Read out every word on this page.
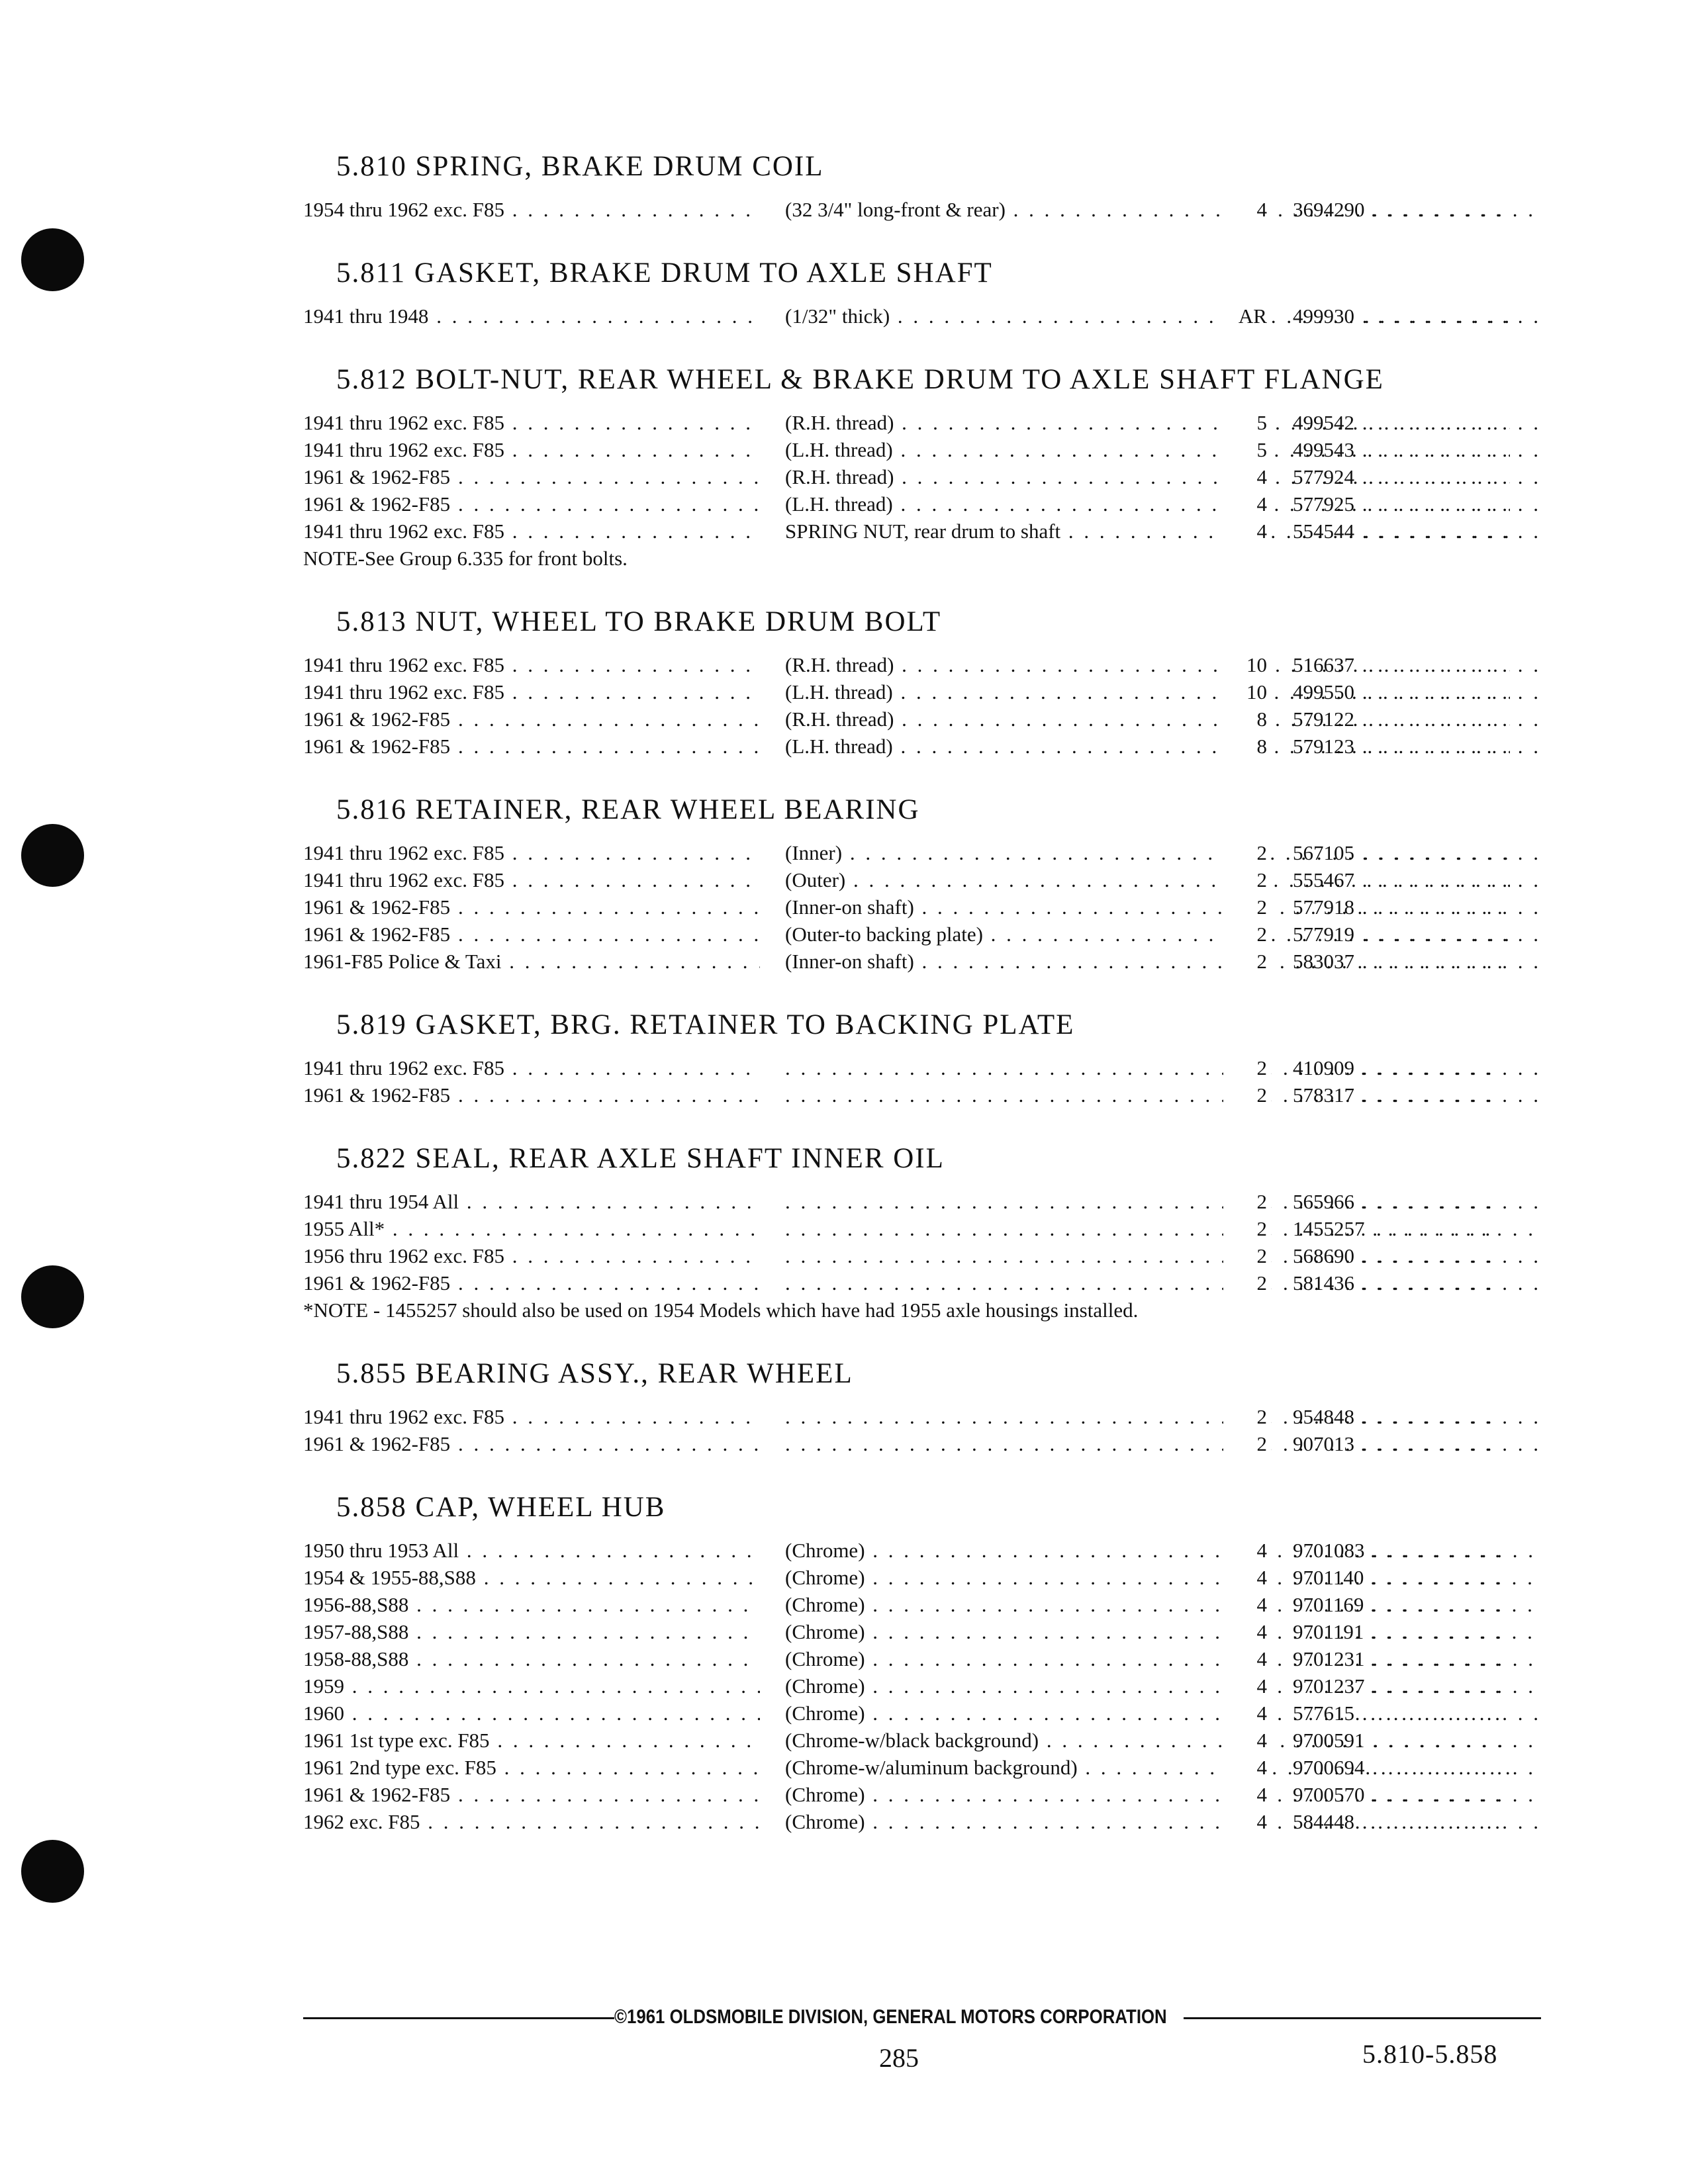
5.810 SPRING, BRAKE DRUM COIL
1954 thru 1962 exc. F85 . . .	(32 3/4" long-front & rear) . . .	4 3694290 . . .
5.811 GASKET, BRAKE DRUM TO AXLE SHAFT
1941 thru 1948 . . .	(1/32" thick) . . .	AR 499930 . . .
5.812 BOLT-NUT, REAR WHEEL & BRAKE DRUM TO AXLE SHAFT FLANGE
1941 thru 1962 exc. F85 . . .	(R.H. thread) . . .	5 499542 . . .
1941 thru 1962 exc. F85 . . .	(L.H. thread) . . .	5 499543 . . .
1961 & 1962-F85 . . .	(R.H. thread) . . .	4 577924 . . .
1961 & 1962-F85 . . .	(L.H. thread) . . .	4 577925 . . .
1941 thru 1962 exc. F85 . . .	SPRING NUT, rear drum to shaft . . .	4 554544 . . .
NOTE-See Group 6.335 for front bolts.
5.813 NUT, WHEEL TO BRAKE DRUM BOLT
1941 thru 1962 exc. F85 . . .	(R.H. thread) . . .	10 516637 . . .
1941 thru 1962 exc. F85 . . .	(L.H. thread) . . .	10 499550 . . .
1961 & 1962-F85 . . .	(R.H. thread) . . .	8 579122 . . .
1961 & 1962-F85 . . .	(L.H. thread) . . .	8 579123 . . .
5.816 RETAINER, REAR WHEEL BEARING
1941 thru 1962 exc. F85 . . .	(Inner) . . .	2 567105 . . .
1941 thru 1962 exc. F85 . . .	(Outer) . . .	2 555467 . . .
1961 & 1962-F85 . . .	(Inner-on shaft) . . .	2 577918 . . .
1961 & 1962-F85 . . .	(Outer-to backing plate) . . .	2 577919 . . .
1961-F85 Police & Taxi . . .	(Inner-on shaft) . . .	2 583037 . . .
5.819 GASKET, BRG. RETAINER TO BACKING PLATE
1941 thru 1962 exc. F85 . . . . . .	2 410909 . . .
1961 & 1962-F85 . . . . . .	2 578317 . . .
5.822 SEAL, REAR AXLE SHAFT INNER OIL
1941 thru 1954 All . . . . . .	2 565966 . . .
1955 All* . . . . . .	2 1455257 . . .
1956 thru 1962 exc. F85 . . . . . .	2 568690 . . .
1961 & 1962-F85 . . . . . .	2 581436 . . .
*NOTE - 1455257 should also be used on 1954 Models which have had 1955 axle housings installed.
5.855 BEARING ASSY., REAR WHEEL
1941 thru 1962 exc. F85 . . . . . .	2 954848 . . .
1961 & 1962-F85 . . . . . .	2 907013 . . .
5.858 CAP, WHEEL HUB
1950 thru 1953 All . . .	(Chrome) . . .	4 9701083 . . .
1954 & 1955-88,S88 . . .	(Chrome) . . .	4 9701140 . . .
1956-88,S88 . . .	(Chrome) . . .	4 9701169 . . .
1957-88,S88 . . .	(Chrome) . . .	4 9701191 . . .
1958-88,S88 . . .	(Chrome) . . .	4 9701231 . . .
1959 . . .	(Chrome) . . .	4 9701237 . . .
1960 . . .	(Chrome) . . .	4 577615 . . .
1961 1st type exc. F85 . . .	(Chrome-w/black background) . . .	4 9700591 . . .
1961 2nd type exc. F85 . . .	(Chrome-w/aluminum background) . . .	4 9700694 . . .
1961 & 1962-F85 . . .	(Chrome) . . .	4 9700570 . . .
1962 exc. F85 . . .	(Chrome) . . .	4 584448 . . .
©1961 OLDSMOBILE DIVISION, GENERAL MOTORS CORPORATION
285	5.810-5.858
